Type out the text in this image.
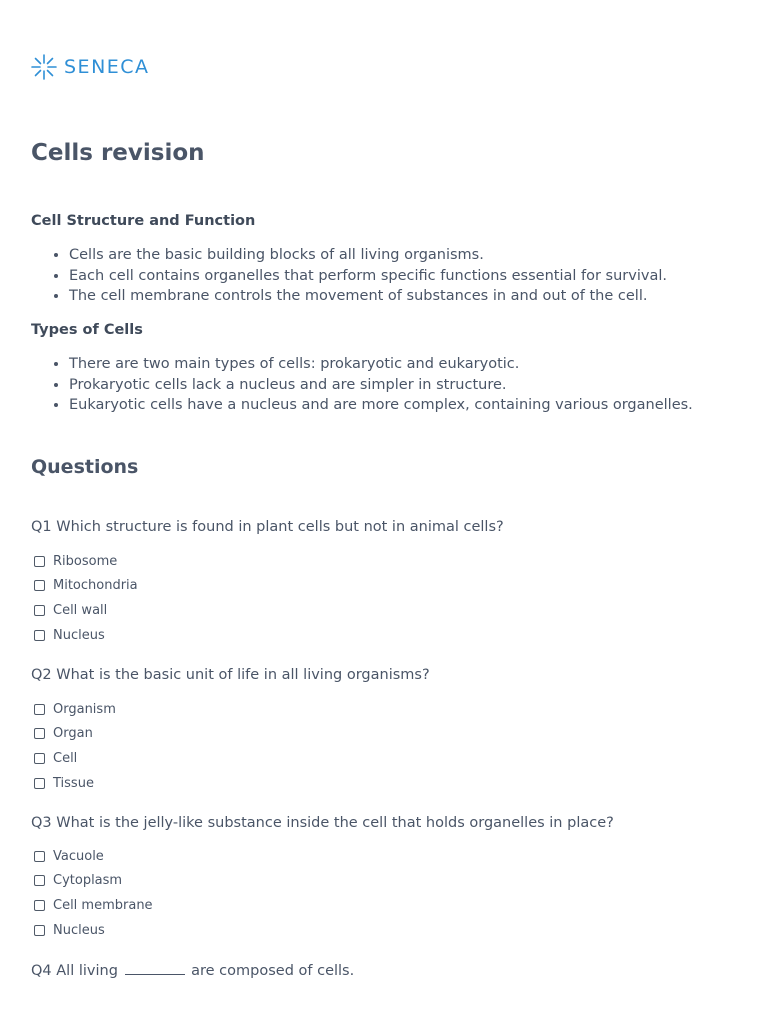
SENECA
Cells revision
Cell Structure and Function
• Cells are the basic building blocks of all living organisms.
• Each cell contains organelles that perform specific functions essential for survival.
• The cell membrane controls the movement of substances in and out of the cell.
Types of Cells
• There are two main types of cells: prokaryotic and eukaryotic.
• Prokaryotic cells lack a nucleus and are simpler in structure.
• Eukaryotic cells have a nucleus and are more complex, containing various organelles.
Questions

Q1 Which structure is found in plant cells but not in animal cells?

Ribosome
Mitochondria
Cell wall
Nucleus

Q2 What is the basic unit of life in all living organisms?

Organism
Organ
Cell
Tissue

Q3 What is the jelly-like substance inside the cell that holds organelles in place?

Vacuole
Cytoplasm
Cell membrane
Nucleus

Q4 All living	are composed of cells.
